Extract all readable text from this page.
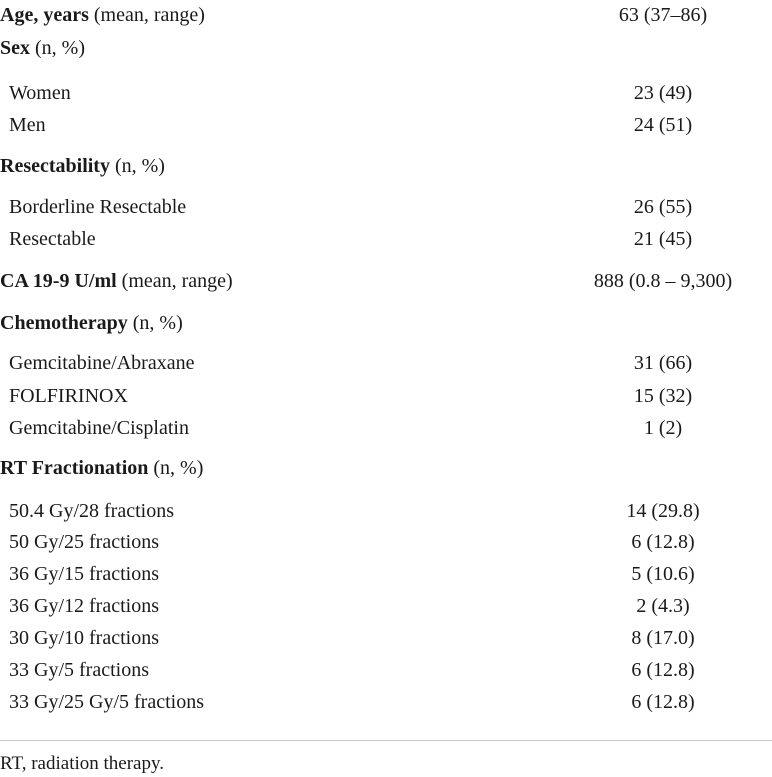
Age, years (mean, range)	63 (37–86)
Sex (n, %)
Women	23 (49)
Men	24 (51)
Resectability (n, %)
Borderline Resectable	26 (55)
Resectable	21 (45)
CA 19-9 U/ml (mean, range)	888 (0.8 – 9,300)
Chemotherapy (n, %)
Gemcitabine/Abraxane	31 (66)
FOLFIRINOX	15 (32)
Gemcitabine/Cisplatin	1 (2)
RT Fractionation (n, %)
50.4 Gy/28 fractions	14 (29.8)
50 Gy/25 fractions	6 (12.8)
36 Gy/15 fractions	5 (10.6)
36 Gy/12 fractions	2 (4.3)
30 Gy/10 fractions	8 (17.0)
33 Gy/5 fractions	6 (12.8)
33 Gy/25 Gy/5 fractions	6 (12.8)
RT, radiation therapy.
